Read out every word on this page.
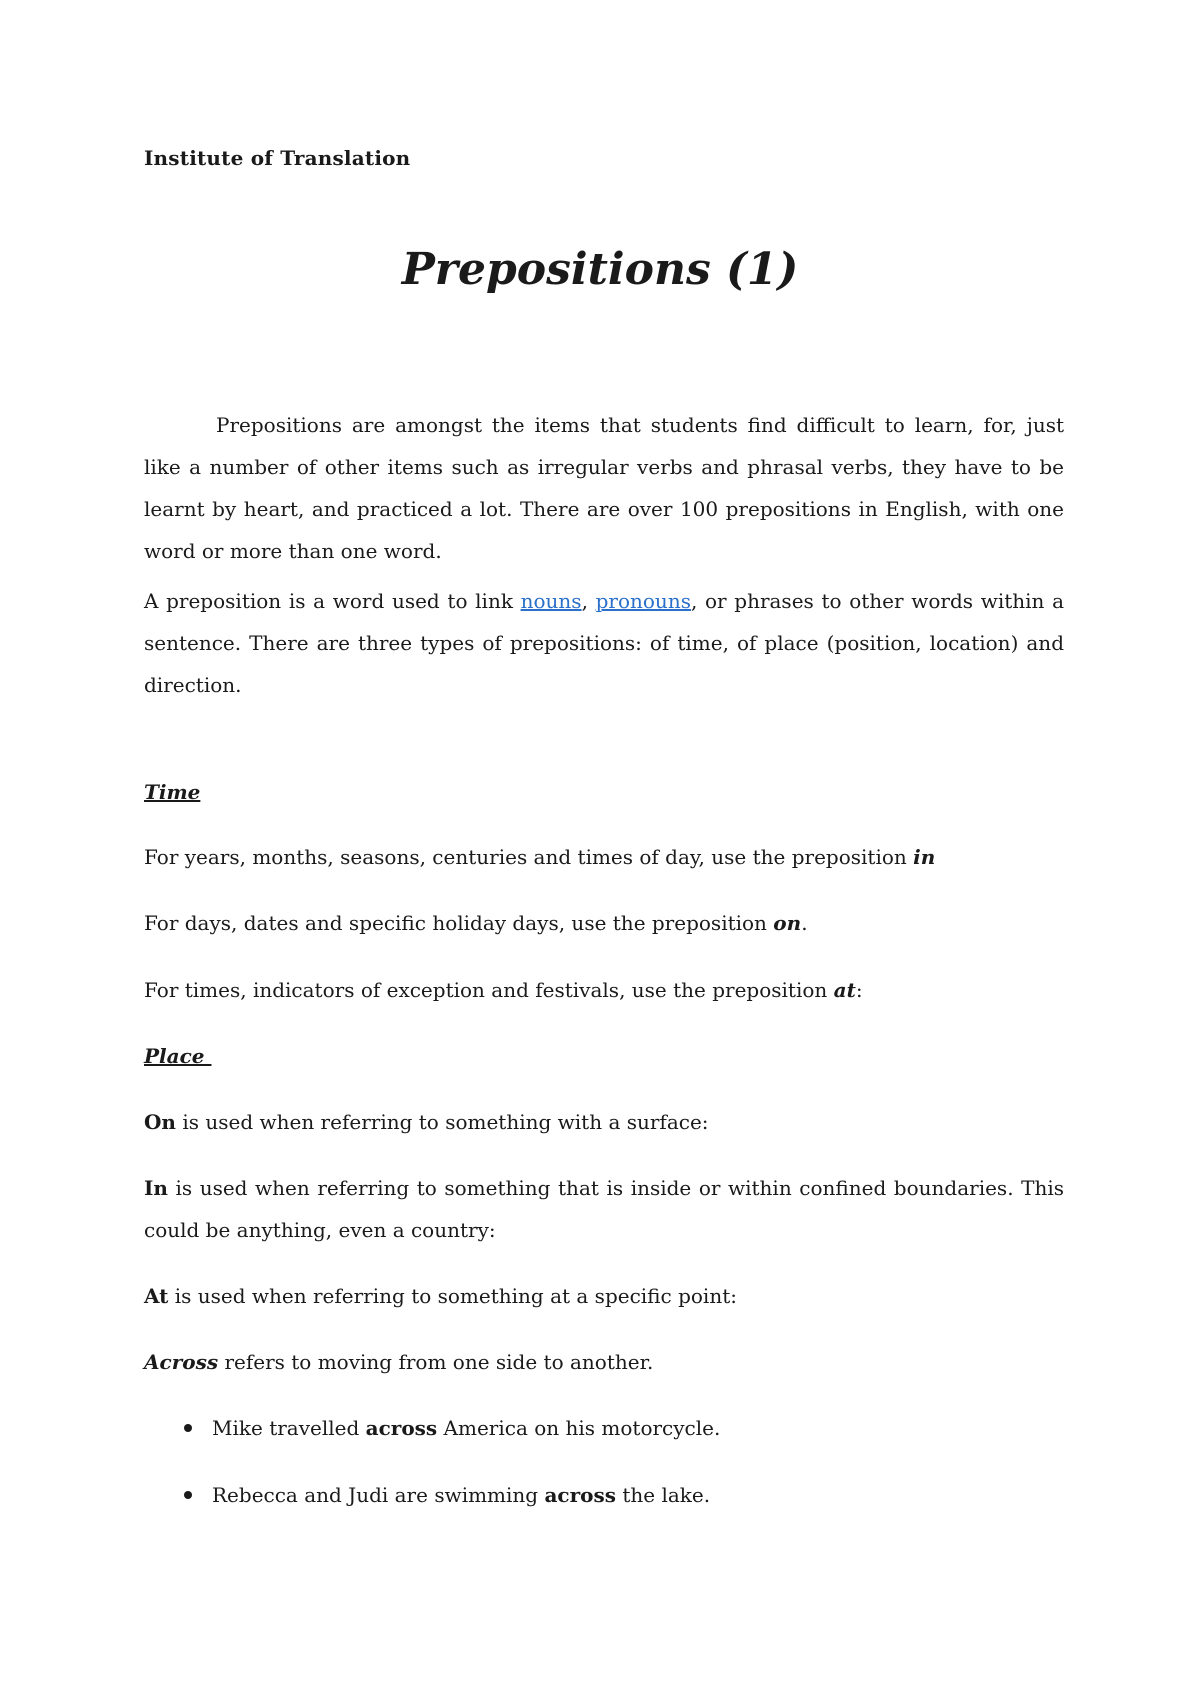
Institute of Translation
Prepositions (1)

Prepositions are amongst the items that students find difficult to learn, for, just like a number of other items such as irregular verbs and phrasal verbs, they have to be learnt by heart, and practiced a lot. There are over 100 prepositions in English, with one word or more than one word.

A preposition is a word used to link nouns, pronouns, or phrases to other words within a sentence. There are three types of prepositions: of time, of place (position, location) and direction.

Time
For years, months, seasons, centuries and times of day, use the preposition in
For days, dates and specific holiday days, use the preposition on.
For times, indicators of exception and festivals, use the preposition at:
Place
On is used when referring to something with a surface:

In is used when referring to something that is inside or within confined boundaries. This could be anything, even a country:

At is used when referring to something at a specific point:
Across refers to moving from one side to another.
Mike travelled across America on his motorcycle.
Rebecca and Judi are swimming across the lake.
